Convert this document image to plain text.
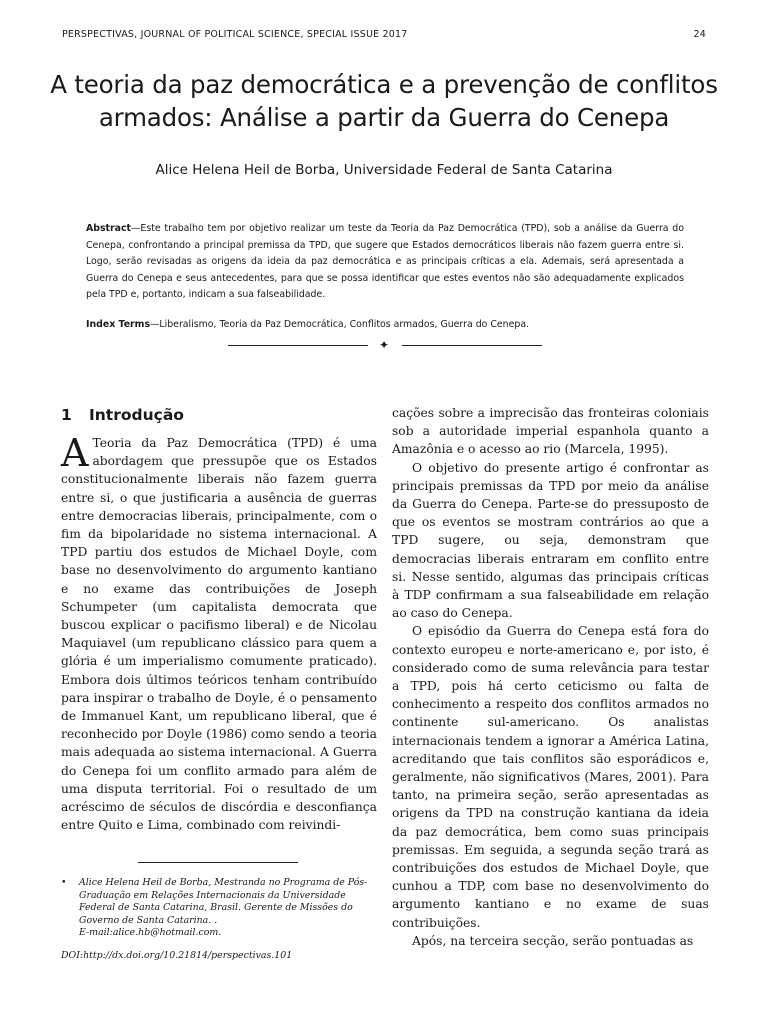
PERSPECTIVAS, JOURNAL OF POLITICAL SCIENCE, SPECIAL ISSUE 2017	24
A teoria da paz democrática e a prevenção de conflitos armados: Análise a partir da Guerra do Cenepa
Alice Helena Heil de Borba, Universidade Federal de Santa Catarina

Abstract—Este trabalho tem por objetivo realizar um teste da Teoria da Paz Democrática (TPD), sob a análise da Guerra do Cenepa, confrontando a principal premissa da TPD, que sugere que Estados democráticos liberais não fazem guerra entre si. Logo, serão revisadas as origens da ideia da paz democrática e as principais críticas a ela. Ademais, será apresentada a Guerra do Cenepa e seus antecedentes, para que se possa identificar que estes eventos não são adequadamente explicados pela TPD e, portanto, indicam a sua falseabilidade.

Index Terms—Liberalismo, Teoria da Paz Democrática, Conflitos armados, Guerra do Cenepa.

✦
1	Introdução

A Teoria da Paz Democrática (TPD) é uma abordagem que pressupõe que os Estados constitucionalmente liberais não fazem guerra entre si, o que justificaria a ausência de guerras entre democracias liberais, principalmente, com o fim da bipolaridade no sistema internacional. A TPD partiu dos estudos de Michael Doyle, com base no desenvolvimento do argumento kantiano e no exame das contribuições de Joseph Schumpeter (um capitalista democrata que buscou explicar o pacifismo liberal) e de Nicolau Maquiavel (um republicano clássico para quem a glória é um imperialismo comumente praticado). Embora dois últimos teóricos tenham contribuído para inspirar o trabalho de Doyle, é o pensamento de Immanuel Kant, um republicano liberal, que é reconhecido por Doyle (1986) como sendo a teoria mais adequada ao sistema internacional. A Guerra do Cenepa foi um conflito armado para além de uma disputa territorial. Foi o resultado de um acréscimo de séculos de discórdia e desconfiança entre Quito e Lima, combinado com reivindi-

cações sobre a imprecisão das fronteiras coloniais sob a autoridade imperial espanhola quanto a Amazônia e o acesso ao rio (Marcela, 1995).

O objetivo do presente artigo é confrontar as principais premissas da TPD por meio da análise da Guerra do Cenepa. Parte-se do pressuposto de que os eventos se mostram contrários ao que a TPD sugere, ou seja, demonstram que democracias liberais entraram em conflito entre si. Nesse sentido, algumas das principais críticas à TDP confirmam a sua falseabilidade em relação ao caso do Cenepa.

O episódio da Guerra do Cenepa está fora do contexto europeu e norte-americano e, por isto, é considerado como de suma relevância para testar a TPD, pois há certo ceticismo ou falta de conhecimento a respeito dos conflitos armados no continente sul-americano. Os analistas internacionais tendem a ignorar a América Latina, acreditando que tais conflitos são esporádicos e, geralmente, não significativos (Mares, 2001). Para tanto, na primeira seção, serão apresentadas as origens da TPD na construção kantiana da ideia da paz democrática, bem como suas principais premissas. Em seguida, a segunda seção trará as contribuições dos estudos de Michael Doyle, que cunhou a TDP, com base no desenvolvimento do argumento kantiano e no exame de suas contribuições.

Após, na terceira secção, serão pontuadas as

•	Alice Helena Heil de Borba, Mestranda no Programa de Pós-Graduação em Relações Internacionais da Universidade Federal de Santa Catarina, Brasil. Gerente de Missões do Governo de Santa Catarina. .
E-mail:alice.hb@hotmail.com.
DOI:http://dx.doi.org/10.21814/perspectivas.101
